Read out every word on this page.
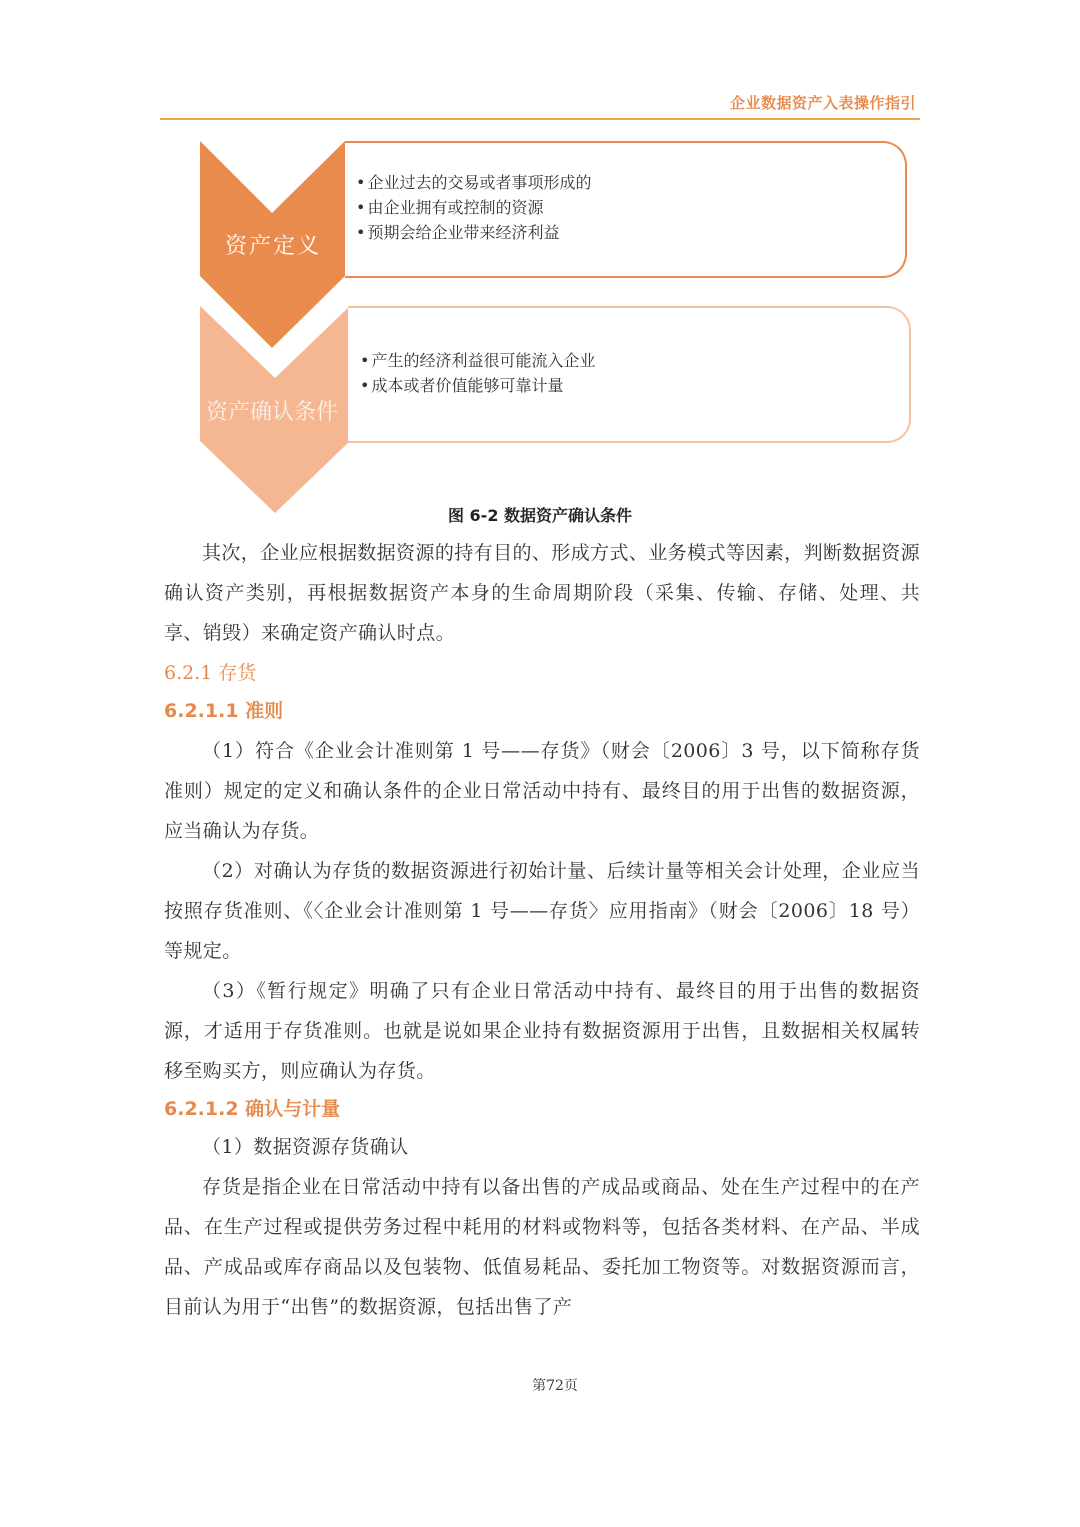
企业数据资产入表操作指引
资产定义
资产确认条件
• 企业过去的交易或者事项形成的
• 由企业拥有或控制的资源
• 预期会给企业带来经济利益
• 产生的经济利益很可能流入企业
• 成本或者价值能够可靠计量
图 6-2 数据资产确认条件

其次，企业应根据数据资源的持有目的、形成方式、业务模式等因素，判断数据资源确认资产类别，再根据数据资产本身的生命周期阶段（采集、传输、存储、处理、共享、销毁）来确定资产确认时点。

6.2.1 存货

6.2.1.1 准则

（1）符合《企业会计准则第 1 号——存货》（财会〔2006〕3 号，以下简称存货准则）规定的定义和确认条件的企业日常活动中持有、最终目的用于出售的数据资源，应当确认为存货。

（2）对确认为存货的数据资源进行初始计量、后续计量等相关会计处理，企业应当按照存货准则、《〈企业会计准则第 1 号——存货〉应用指南》（财会〔2006〕18 号）等规定。

（3）《暂行规定》明确了只有企业日常活动中持有、最终目的用于出售的数据资源，才适用于存货准则。也就是说如果企业持有数据资源用于出售，且数据相关权属转移至购买方，则应确认为存货。

6.2.1.2 确认与计量

（1）数据资源存货确认

存货是指企业在日常活动中持有以备出售的产成品或商品、处在生产过程中的在产品、在生产过程或提供劳务过程中耗用的材料或物料等，包括各类材料、在产品、半成品、产成品或库存商品以及包装物、低值易耗品、委托加工物资等。对数据资源而言，目前认为用于“出售”的数据资源，包括出售了产

第72页
